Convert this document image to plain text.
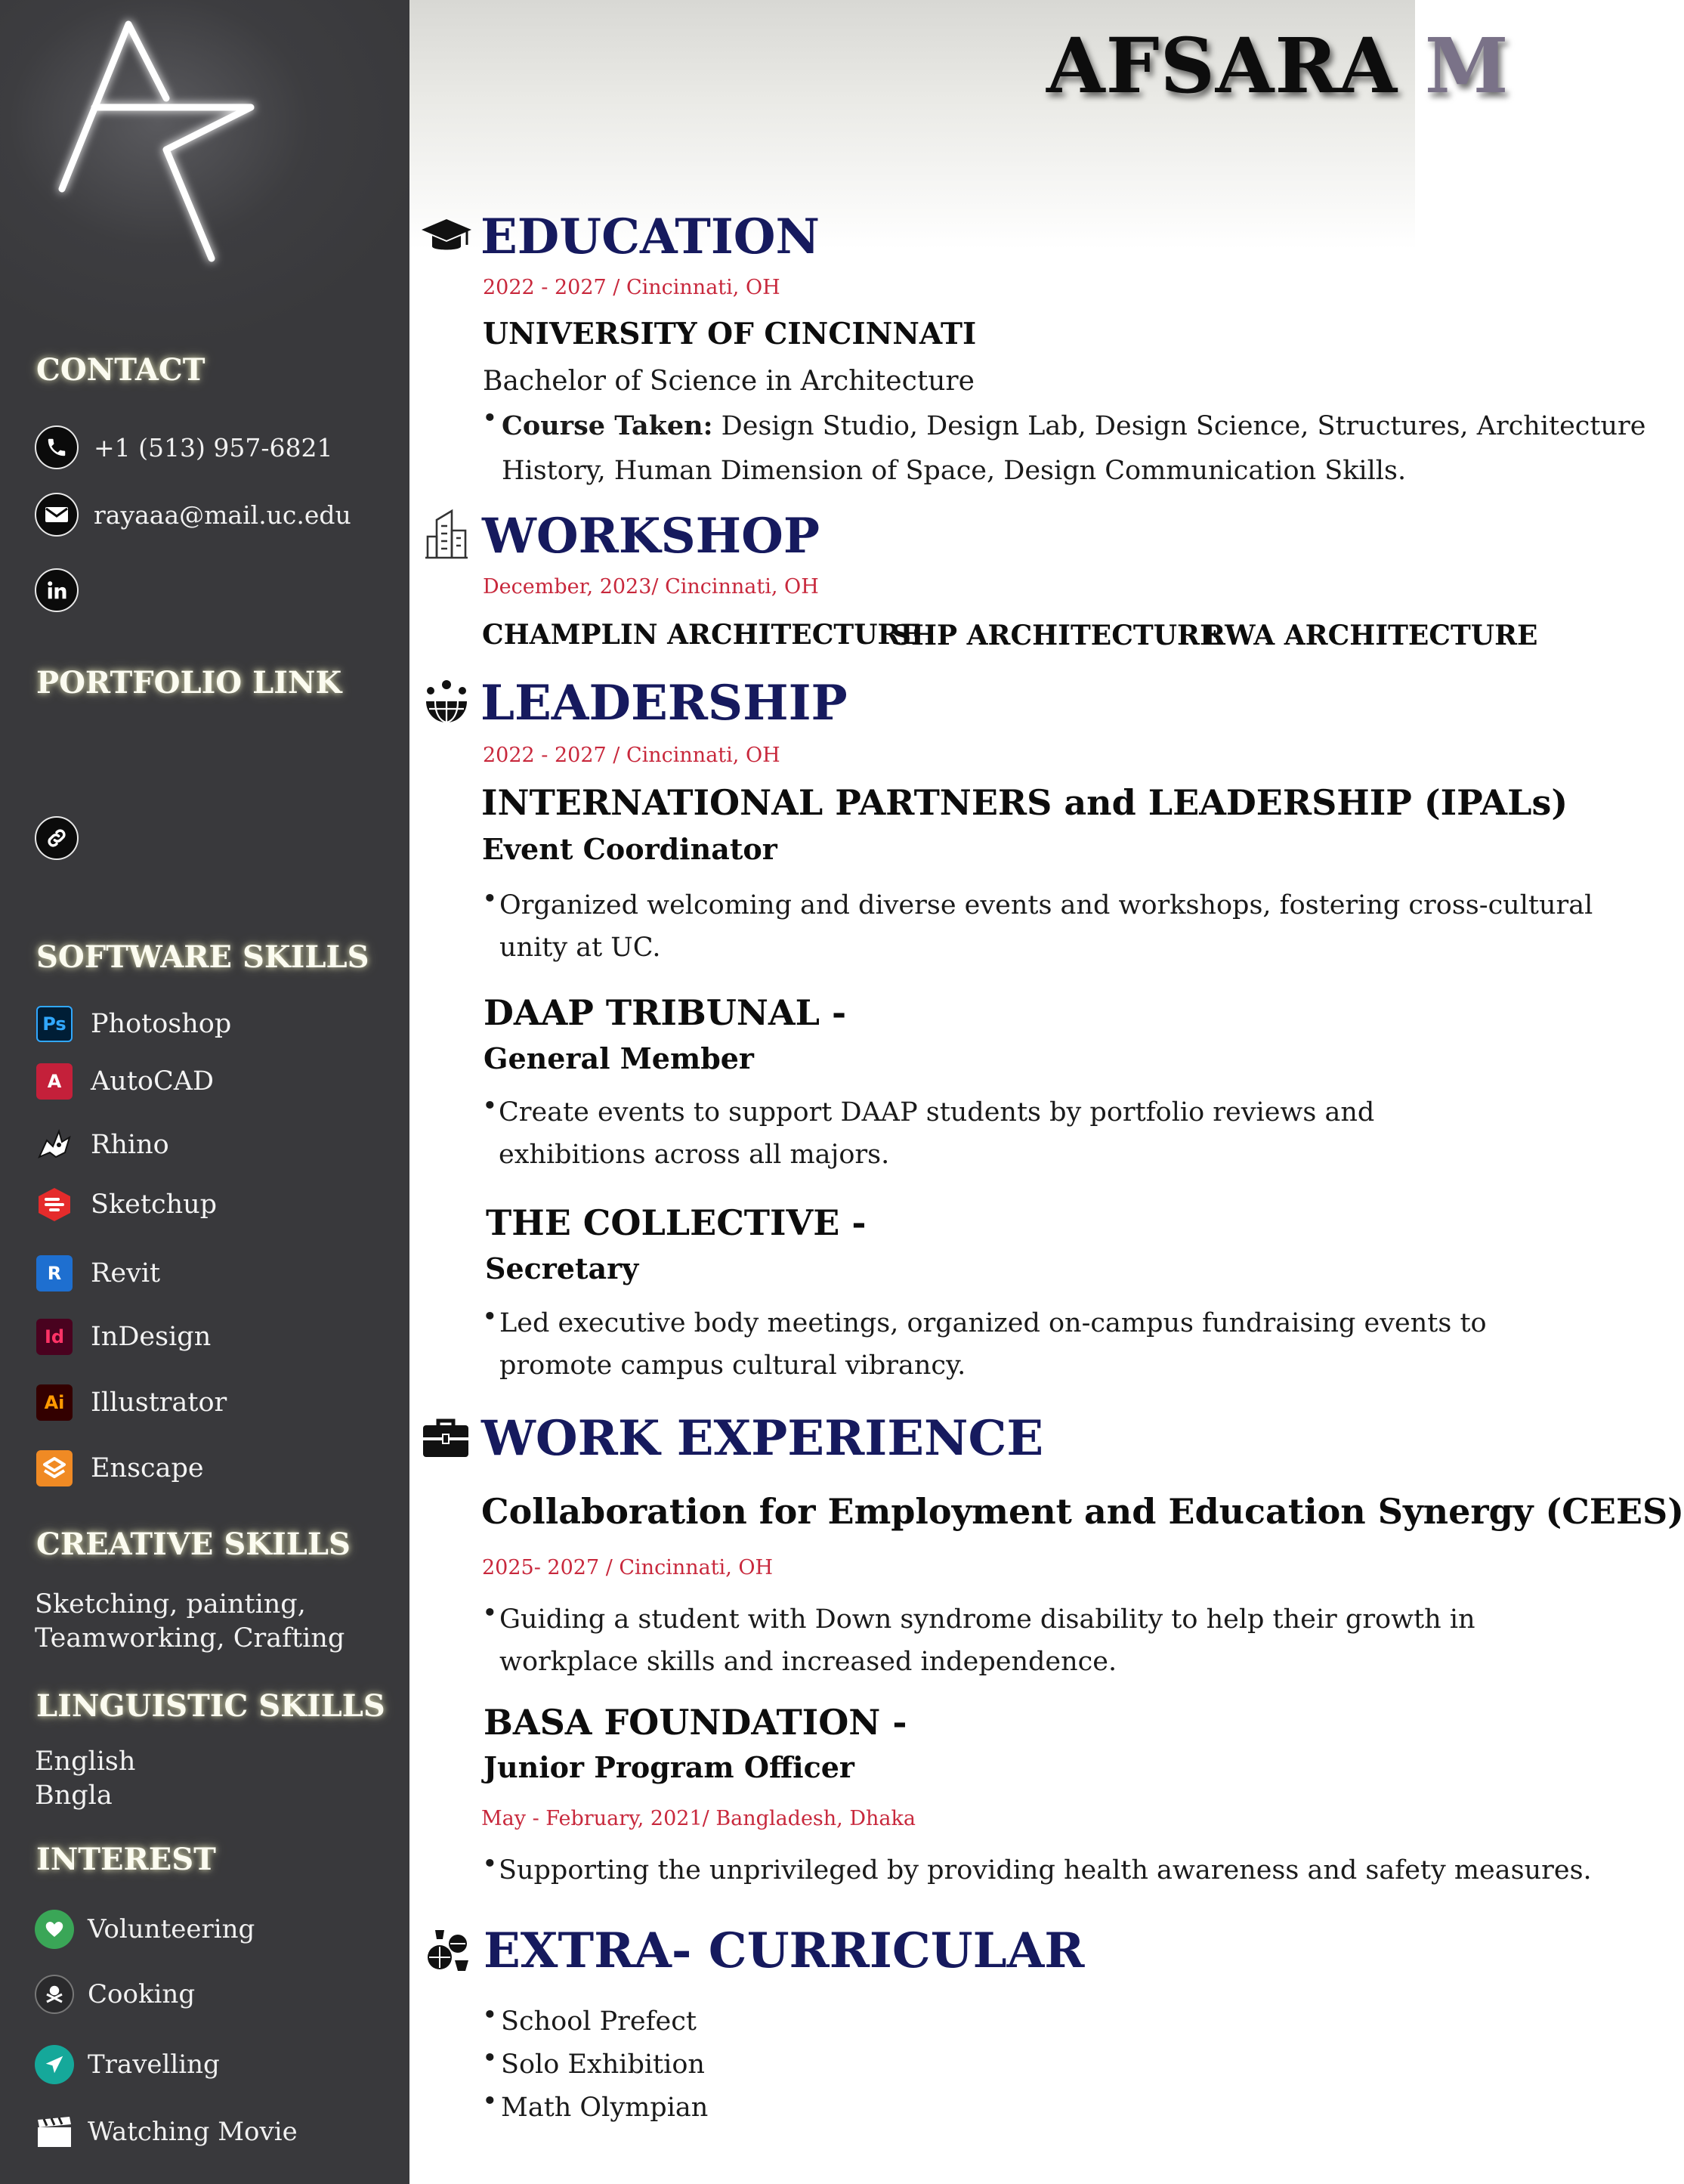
CONTACT
+1 (513) 957-6821
rayaaa@mail.uc.edu
PORTFOLIO LINK
SOFTWARE SKILLS
Ps Photoshop
A	AutoCAD
Rhino
Sketchup
R	Revit
Id InDesign
Ai Illustrator
Enscape
CREATIVE SKILLS
Sketching, painting,
Teamworking, Crafting
LINGUISTIC SKILLS
English
Bngla
INTEREST
Volunteering
Cooking
Travelling
Watching Movie
AFSARA M
EDUCATION
2022 - 2027 / Cincinnati, OH
UNIVERSITY OF CINCINNATI
Bachelor of Science in Architecture
• Course Taken: Design Studio, Design Lab, Design Science, Structures, Architecture
History, Human Dimension of Space, Design Communication Skills.
WORKSHOP
December, 2023/ Cincinnati, OH
CHAMPLIN ARCHITECTURE
SHP ARCHITECTURE
RWA ARCHITECTURE
LEADERSHIP
2022 - 2027 / Cincinnati, OH
INTERNATIONAL PARTNERS and LEADERSHIP (IPALs)
Event Coordinator
• Organized welcoming and diverse events and workshops, fostering cross-cultural
unity at UC.
DAAP TRIBUNAL -
General Member
• Create events to support DAAP students by portfolio reviews and
exhibitions across all majors.
THE COLLECTIVE -
Secretary
• Led executive body meetings, organized on-campus fundraising events to
promote campus cultural vibrancy.
WORK EXPERIENCE
Collaboration for Employment and Education Synergy (CEES)
2025- 2027 / Cincinnati, OH
• Guiding a student with Down syndrome disability to help their growth in
workplace skills and increased independence.
BASA FOUNDATION -
Junior Program Officer
May - February, 2021/ Bangladesh, Dhaka
• Supporting the unprivileged by providing health awareness and safety measures.
EXTRA- CURRICULAR
• School Prefect
• Solo Exhibition
• Math Olympian
